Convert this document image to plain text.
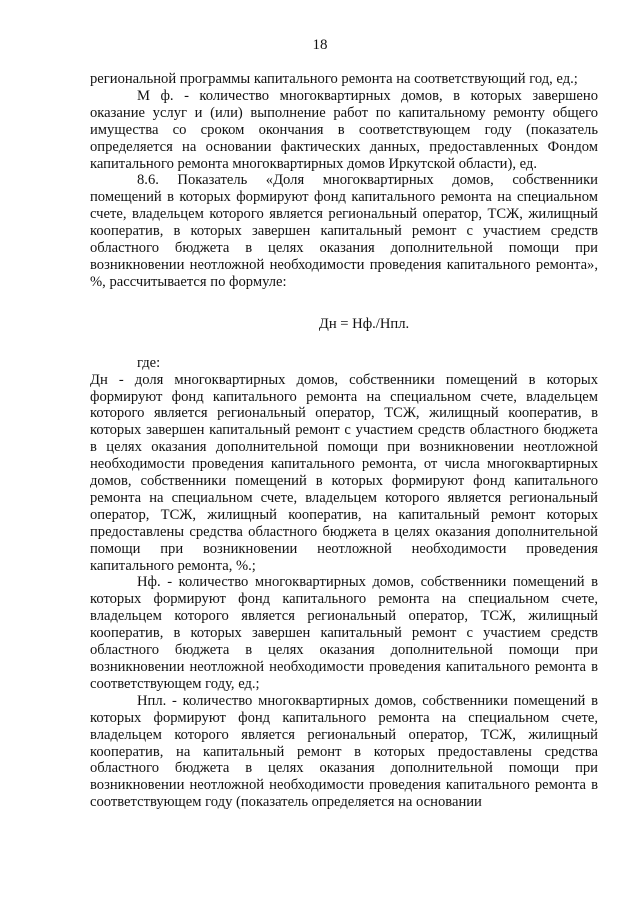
18

региональной программы капитального ремонта на соответствующий год, ед.;

М ф. - количество многоквартирных домов, в которых завершено оказание услуг и (или) выполнение работ по капитальному ремонту общего имущества со сроком окончания в соответствующем году (показатель определяется на основании фактических данных, предоставленных Фондом капитального ремонта многоквартирных домов Иркутской области), ед.

8.6. Показатель «Доля многоквартирных домов, собственники помещений в которых формируют фонд капитального ремонта на специальном счете, владельцем которого является региональный оператор, ТСЖ, жилищный кооператив, в которых завершен капитальный ремонт с участием средств областного бюджета в целях оказания дополнительной помощи при возникновении неотложной необходимости проведения капитального ремонта», %, рассчитывается по формуле:

Дн = Нф./Нпл.

где:

Дн - доля многоквартирных домов, собственники помещений в которых формируют фонд капитального ремонта на специальном счете, владельцем которого является региональный оператор, ТСЖ, жилищный кооператив, в которых завершен капитальный ремонт с участием средств областного бюджета в целях оказания дополнительной помощи при возникновении неотложной необходимости проведения капитального ремонта, от числа многоквартирных домов, собственники помещений в которых формируют фонд капитального ремонта на специальном счете, владельцем которого является региональный оператор, ТСЖ, жилищный кооператив, на капитальный ремонт которых предоставлены средства областного бюджета в целях оказания дополнительной помощи при возникновении неотложной необходимости проведения капитального ремонта, %.;

Нф. - количество многоквартирных домов, собственники помещений в которых формируют фонд капитального ремонта на специальном счете, владельцем которого является региональный оператор, ТСЖ, жилищный кооператив, в которых завершен капитальный ремонт с участием средств областного бюджета в целях оказания дополнительной помощи при возникновении неотложной необходимости проведения капитального ремонта в соответствующем году, ед.;

Нпл. - количество многоквартирных домов, собственники помещений в которых формируют фонд капитального ремонта на специальном счете, владельцем которого является региональный оператор, ТСЖ, жилищный кооператив, на капитальный ремонт в которых предоставлены средства областного бюджета в целях оказания дополнительной помощи при возникновении неотложной необходимости проведения капитального ремонта в соответствующем году (показатель определяется на основании
